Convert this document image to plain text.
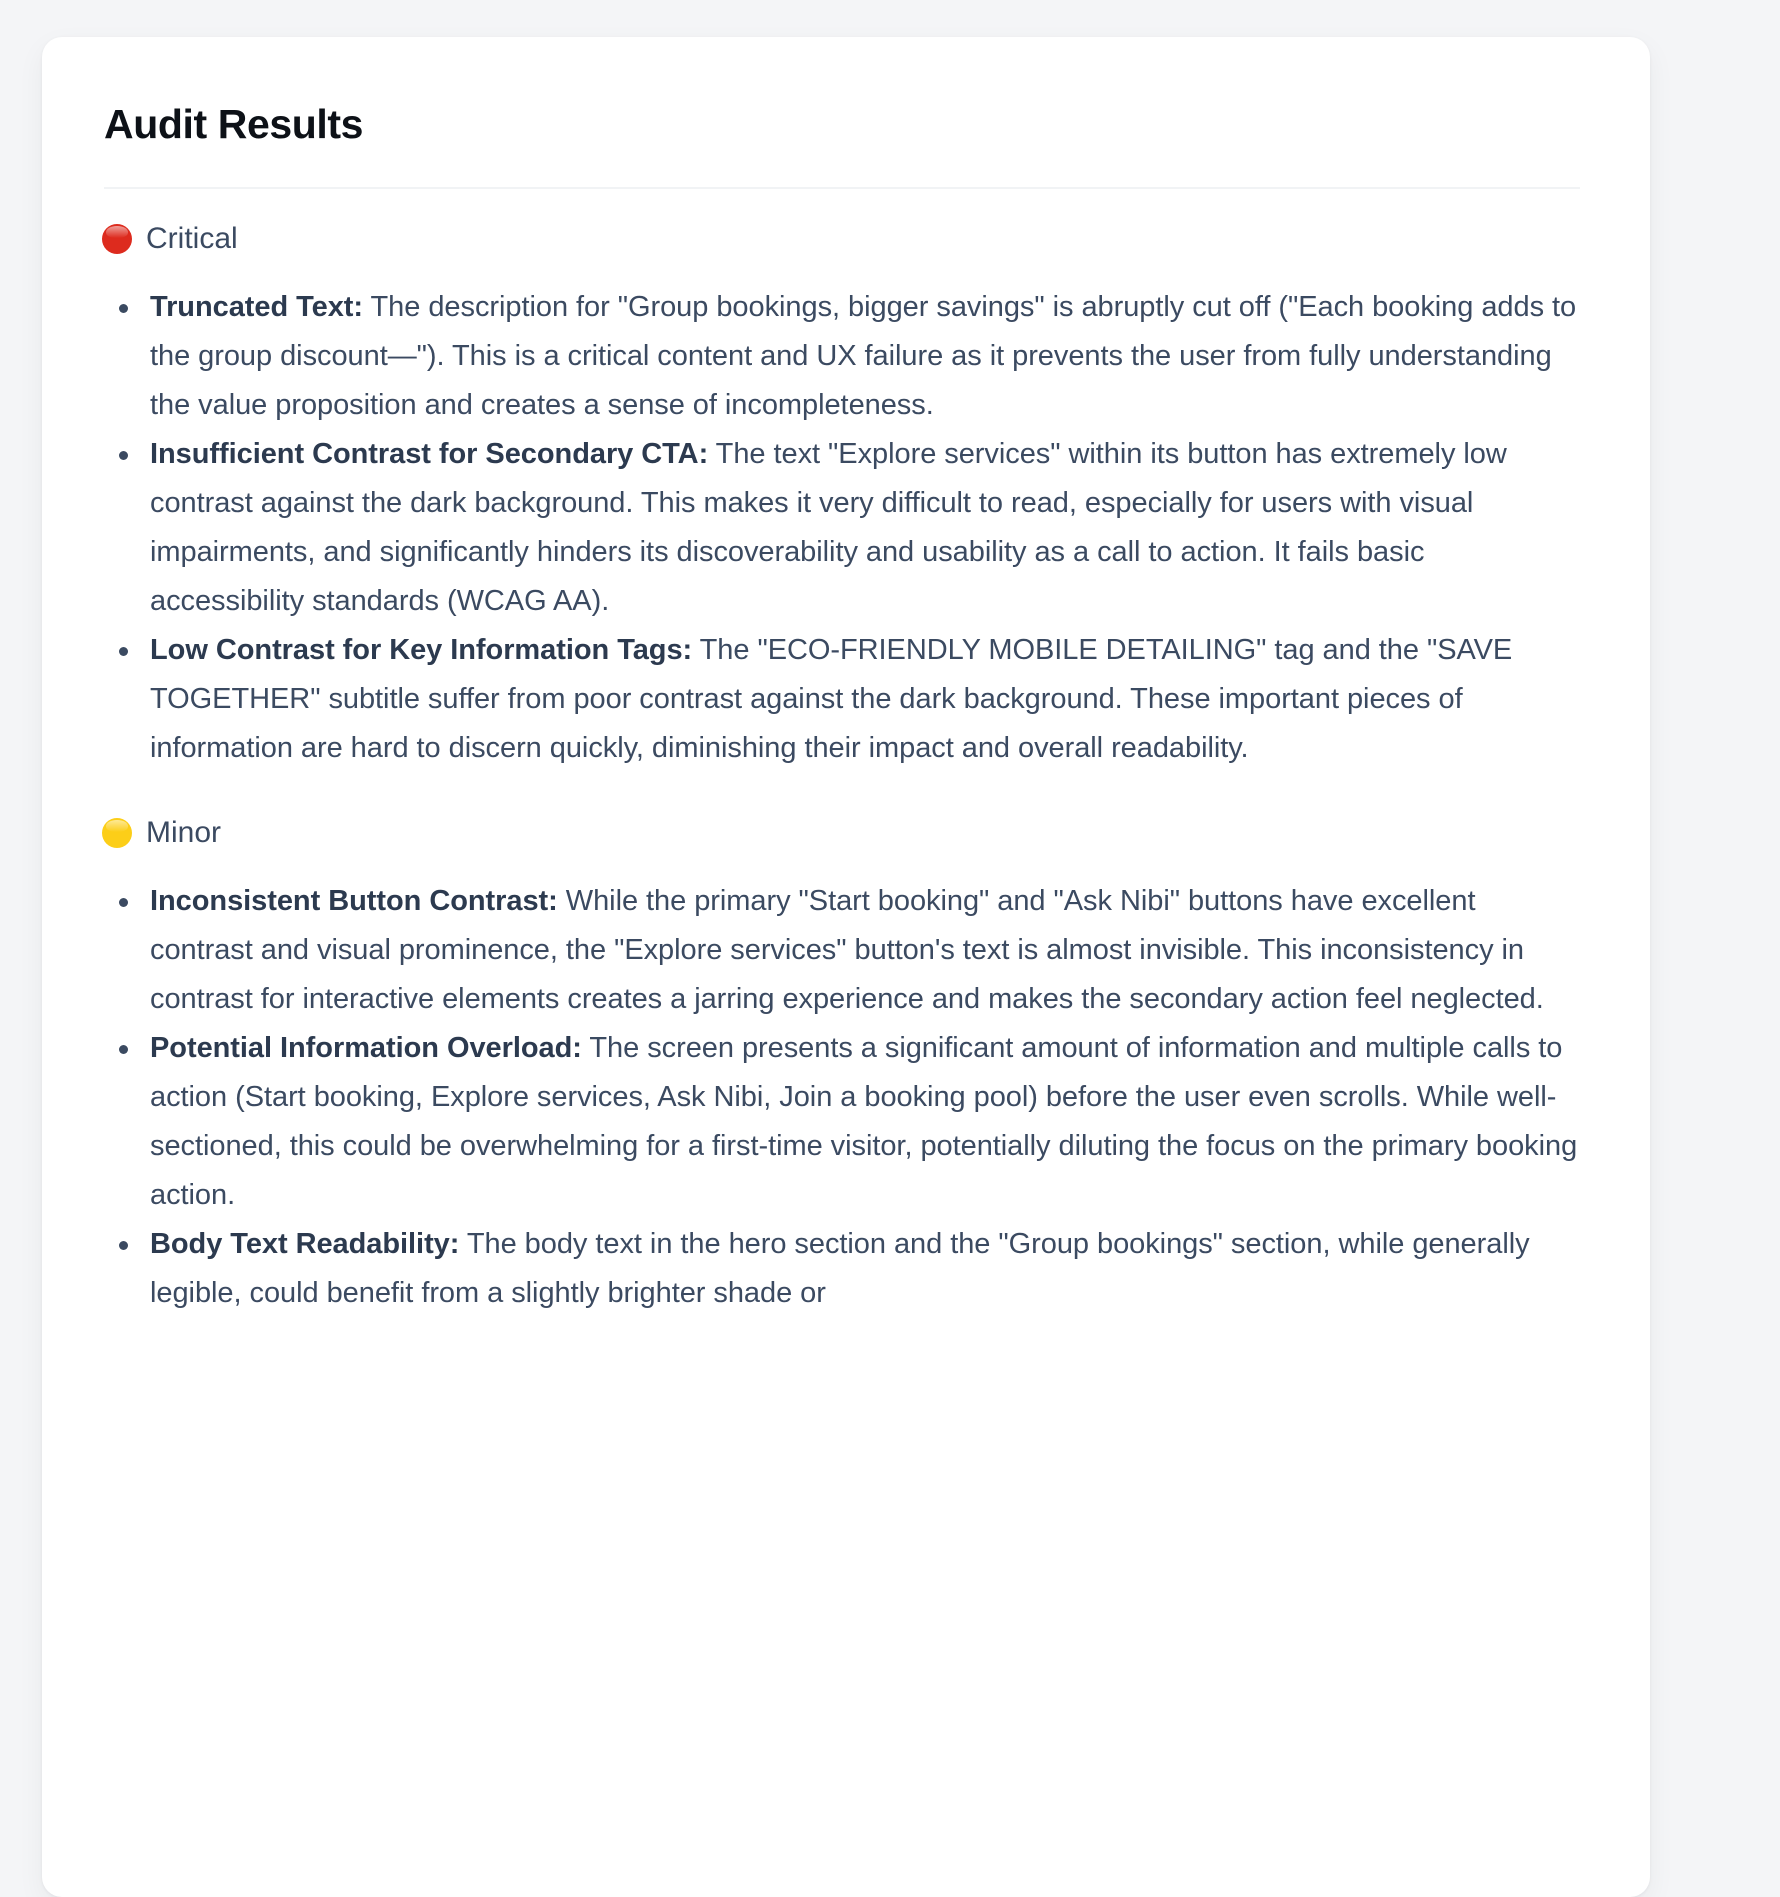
Audit Results
Critical
Truncated Text: The description for "Group bookings, bigger savings" is abruptly cut off ("Each booking adds to the group discount—"). This is a critical content and UX failure as it prevents the user from fully understanding the value proposition and creates a sense of incompleteness.
Insufficient Contrast for Secondary CTA: The text "Explore services" within its button has extremely low contrast against the dark background. This makes it very difficult to read, especially for users with visual impairments, and significantly hinders its discoverability and usability as a call to action. It fails basic accessibility standards (WCAG AA).
Low Contrast for Key Information Tags: The "ECO-FRIENDLY MOBILE DETAILING" tag and the "SAVE TOGETHER" subtitle suffer from poor contrast against the dark background. These important pieces of information are hard to discern quickly, diminishing their impact and overall readability.
Minor
Inconsistent Button Contrast: While the primary "Start booking" and "Ask Nibi" buttons have excellent contrast and visual prominence, the "Explore services" button's text is almost invisible. This inconsistency in contrast for interactive elements creates a jarring experience and makes the secondary action feel neglected.
Potential Information Overload: The screen presents a significant amount of information and multiple calls to action (Start booking, Explore services, Ask Nibi, Join a booking pool) before the user even scrolls. While well-sectioned, this could be overwhelming for a first-time visitor, potentially diluting the focus on the primary booking action.
Body Text Readability: The body text in the hero section and the "Group bookings" section, while generally legible, could benefit from a slightly brighter shade or
